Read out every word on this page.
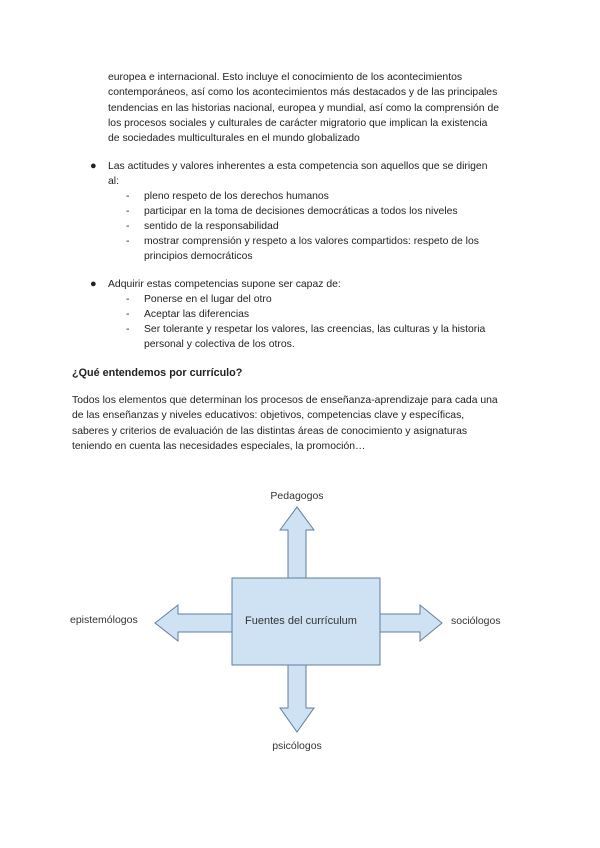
europea e internacional. Esto incluye el conocimiento de los acontecimientos
contemporáneos, así como los acontecimientos más destacados y de las principales
tendencias en las historias nacional, europea y mundial, así como la comprensión de
los procesos sociales y culturales de carácter migratorio que implican la existencia
de sociedades multiculturales en el mundo globalizado
● Las actitudes y valores inherentes a esta competencia son aquellos que se dirigen
al:
- pleno respeto de los derechos humanos
- participar en la toma de decisiones democráticas a todos los niveles
- sentido de la responsabilidad
- mostrar comprensión y respeto a los valores compartidos: respeto de los
principios democráticos
● Adquirir estas competencias supone ser capaz de:
- Ponerse en el lugar del otro
- Aceptar las diferencias
- Ser tolerante y respetar los valores, las creencias, las culturas y la historia
personal y colectiva de los otros.
¿Qué entendemos por currículo?
Todos los elementos que determinan los procesos de enseñanza-aprendizaje para cada una
de las enseñanzas y niveles educativos: objetivos, competencias clave y específicas,
saberes y criterios de evaluación de las distintas áreas de conocimiento y asignaturas
teniendo en cuenta las necesidades especiales, la promoción…
Fuentes del currículum
Pedagogos
epistemólogos	sociólogos
psicólogos
